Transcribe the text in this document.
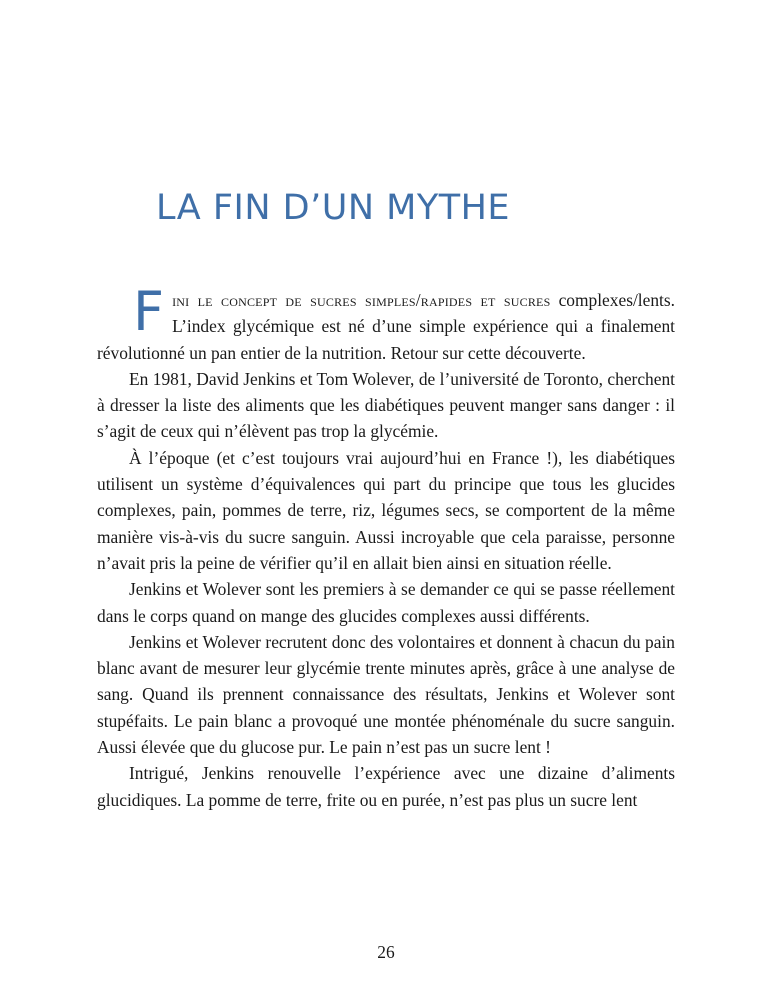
LA FIN D’UN MYTHE

Fini le concept de sucres simples/rapides et sucres complexes/lents. L’index glycémique est né d’une simple expérience qui a finalement révolutionné un pan entier de la nutrition. Retour sur cette découverte.

En 1981, David Jenkins et Tom Wolever, de l’université de Toronto, cherchent à dresser la liste des aliments que les diabétiques peuvent manger sans danger : il s’agit de ceux qui n’élèvent pas trop la glycémie.

À l’époque (et c’est toujours vrai aujourd’hui en France !), les diabétiques utilisent un système d’équivalences qui part du principe que tous les glucides complexes, pain, pommes de terre, riz, légumes secs, se comportent de la même manière vis-à-vis du sucre sanguin. Aussi incroyable que cela paraisse, personne n’avait pris la peine de vérifier qu’il en allait bien ainsi en situation réelle.

Jenkins et Wolever sont les premiers à se demander ce qui se passe réellement dans le corps quand on mange des glucides complexes aussi différents.

Jenkins et Wolever recrutent donc des volontaires et donnent à chacun du pain blanc avant de mesurer leur glycémie trente minutes après, grâce à une analyse de sang. Quand ils prennent connaissance des résultats, Jenkins et Wolever sont stupéfaits. Le pain blanc a provoqué une montée phénoménale du sucre sanguin. Aussi élevée que du glucose pur. Le pain n’est pas un sucre lent !

Intrigué, Jenkins renouvelle l’expérience avec une dizaine d’aliments glucidiques. La pomme de terre, frite ou en purée, n’est pas plus un sucre lent

26
